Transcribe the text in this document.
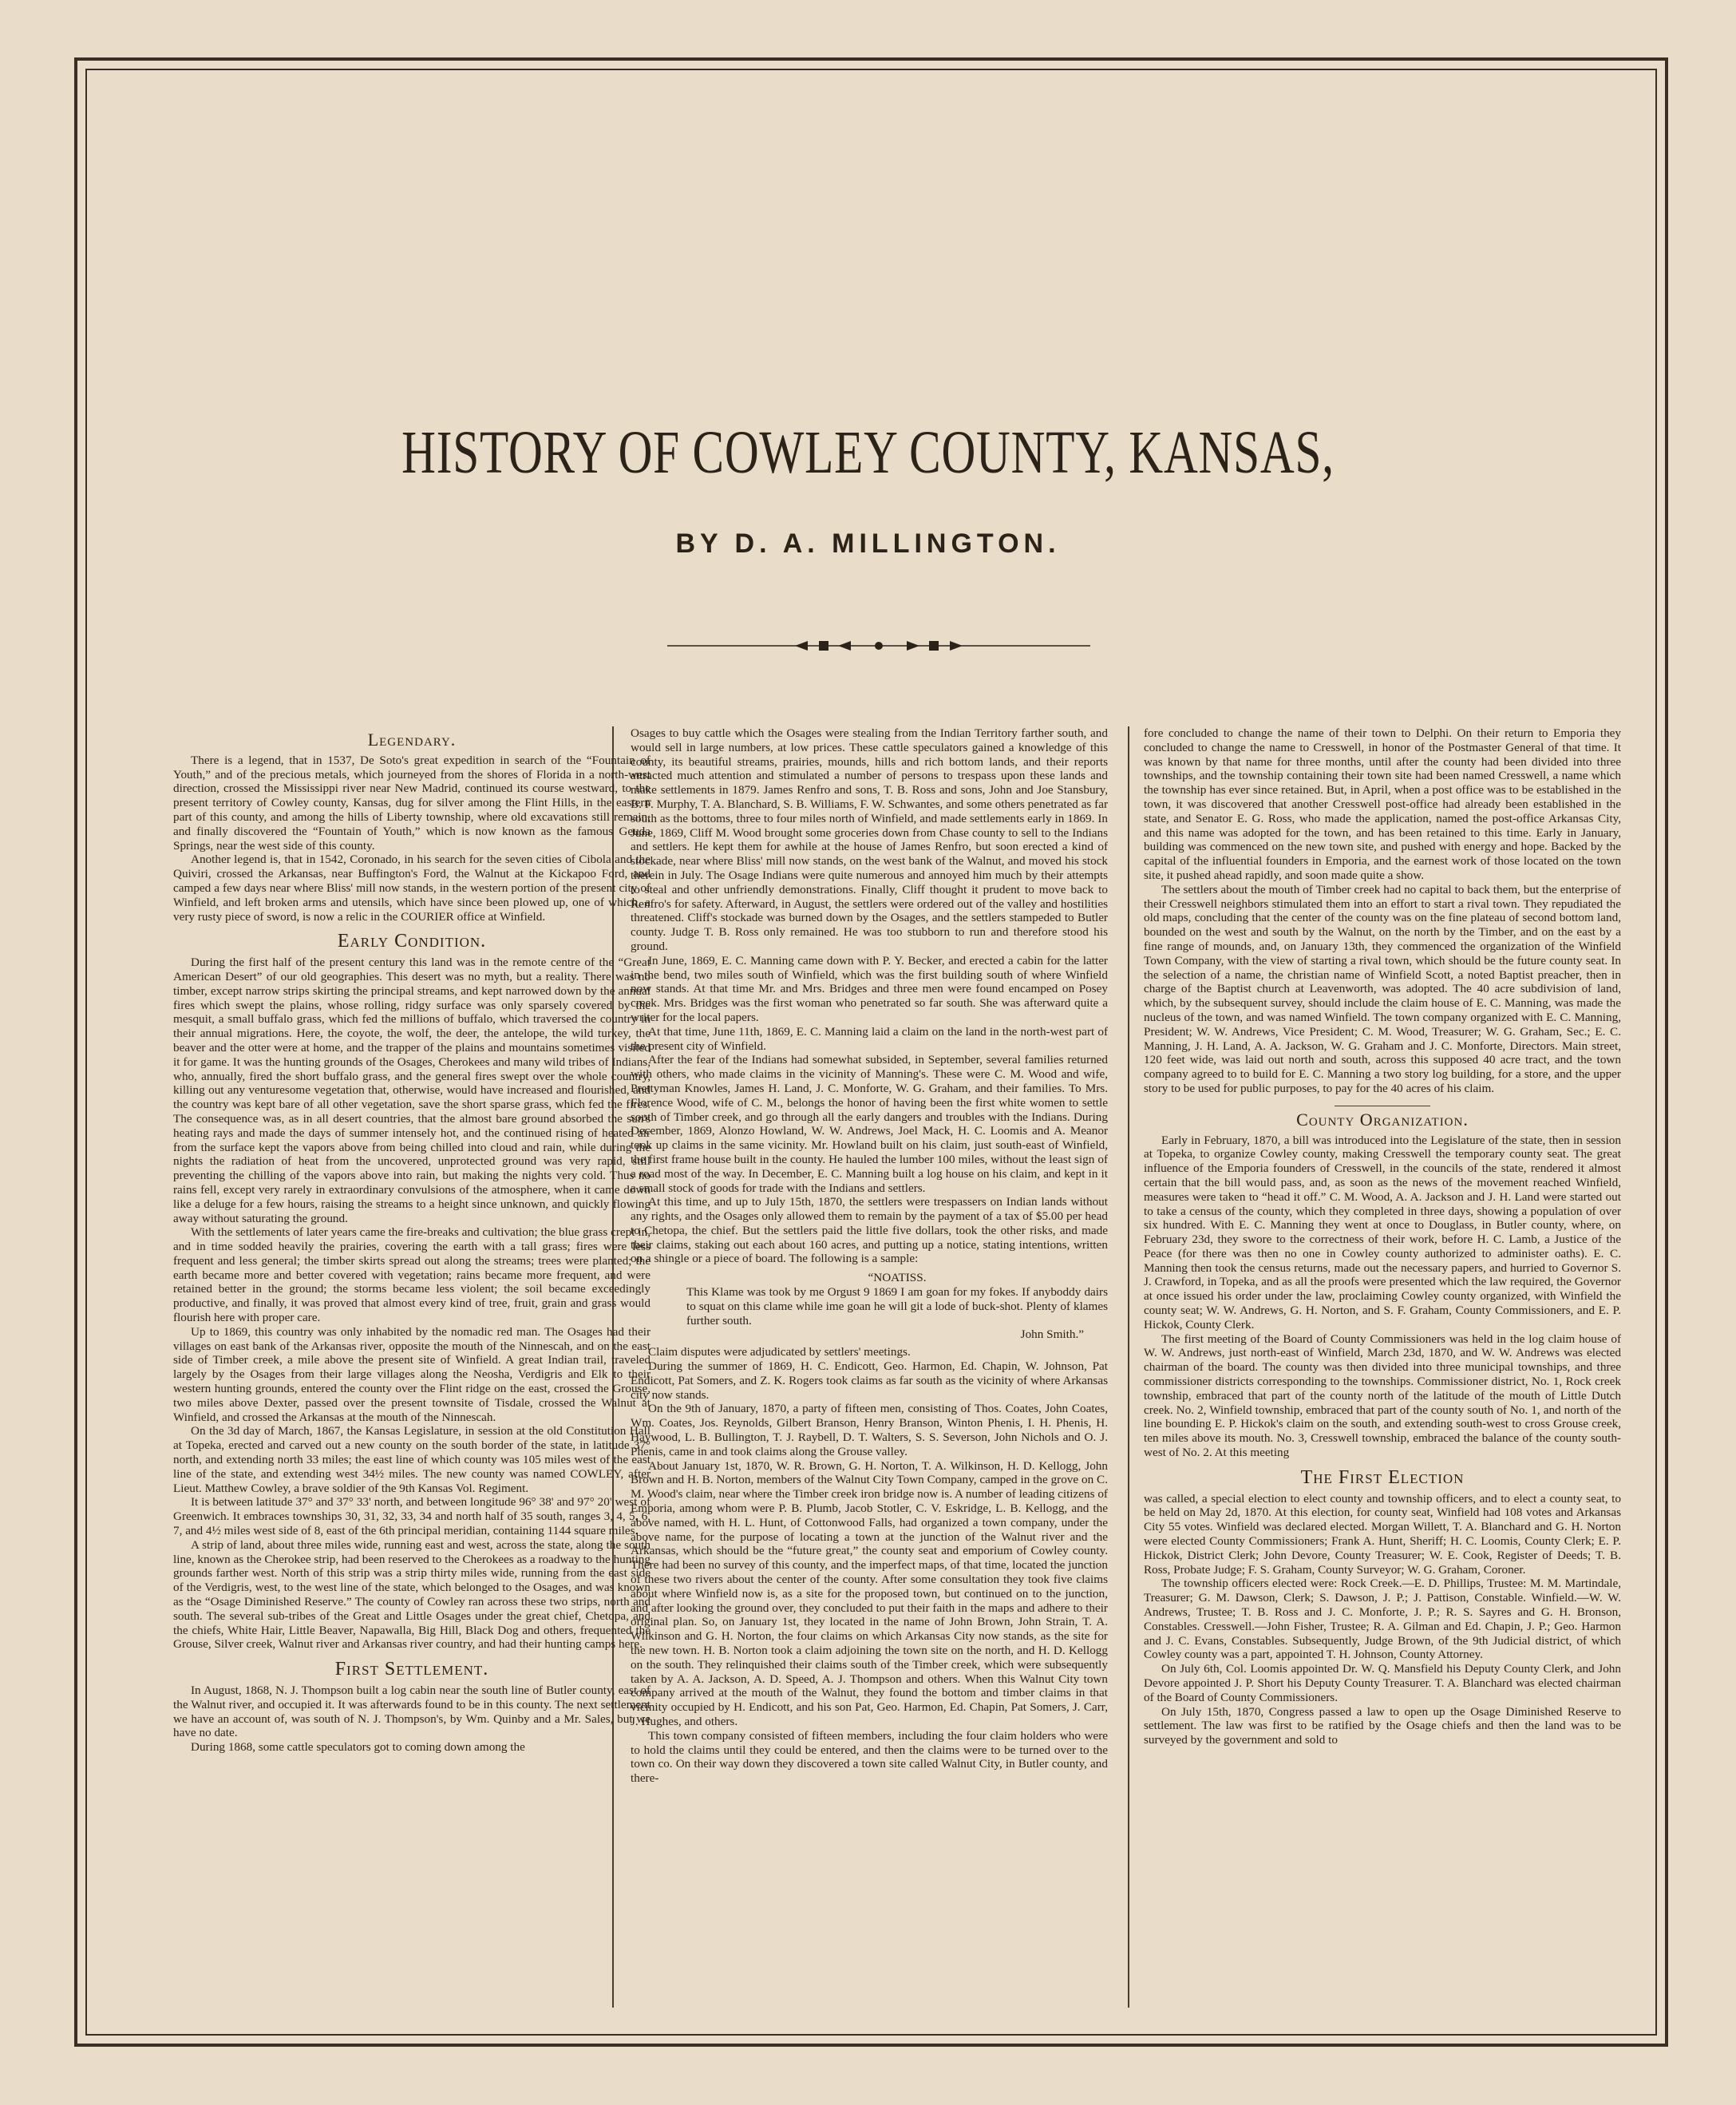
HISTORY OF COWLEY COUNTY, KANSAS,
BY D. A. MILLINGTON.
Legendary.

There is a legend, that in 1537, De Soto's great expedition in search of the “Fountain of Youth,” and of the precious metals, which journeyed from the shores of Florida in a north-west direction, crossed the Mississippi river near New Madrid, continued its course westward, to the present territory of Cowley county, Kansas, dug for silver among the Flint Hills, in the eastern part of this county, and among the hills of Liberty township, where old excavations still remain, and finally discovered the “Fountain of Youth,” which is now known as the famous Geuda Springs, near the west side of this county.

Another legend is, that in 1542, Coronado, in his search for the seven cities of Cibola and the Quiviri, crossed the Arkansas, near Buffington's Ford, the Walnut at the Kickapoo Ford, and camped a few days near where Bliss' mill now stands, in the western portion of the present city of Winfield, and left broken arms and utensils, which have since been plowed up, one of which, a very rusty piece of sword, is now a relic in the COURIER office at Winfield.

Early Condition.

During the first half of the present century this land was in the remote centre of the “Great American Desert” of our old geographies. This desert was no myth, but a reality. There was no timber, except narrow strips skirting the principal streams, and kept narrowed down by the annual fires which swept the plains, whose rolling, ridgy surface was only sparsely covered by the mesquit, a small buffalo grass, which fed the millions of buffalo, which traversed the country in their annual migrations. Here, the coyote, the wolf, the deer, the antelope, the wild turkey, the beaver and the otter were at home, and the trapper of the plains and mountains sometimes visited it for game. It was the hunting grounds of the Osages, Cherokees and many wild tribes of Indians, who, annually, fired the short buffalo grass, and the general fires swept over the whole country, killing out any venturesome vegetation that, otherwise, would have increased and flourished, and the country was kept bare of all other vegetation, save the short sparse grass, which fed the fires. The consequence was, as in all desert countries, that the almost bare ground absorbed the sun's heating rays and made the days of summer intensely hot, and the continued rising of heated air from the surface kept the vapors above from being chilled into cloud and rain, while during the nights the radiation of heat from the uncovered, unprotected ground was very rapid, still preventing the chilling of the vapors above into rain, but making the nights very cold. Thus no rains fell, except very rarely in extraordinary convulsions of the atmosphere, when it came down like a deluge for a few hours, raising the streams to a height since unknown, and quickly flowing away without saturating the ground.

With the settlements of later years came the fire-breaks and cultivation; the blue grass crept in, and in time sodded heavily the prairies, covering the earth with a tall grass; fires were less frequent and less general; the timber skirts spread out along the streams; trees were planted; the earth became more and better covered with vegetation; rains became more frequent, and were retained better in the ground; the storms became less violent; the soil became exceedingly productive, and finally, it was proved that almost every kind of tree, fruit, grain and grass would flourish here with proper care.

Up to 1869, this country was only inhabited by the nomadic red man. The Osages had their villages on east bank of the Arkansas river, opposite the mouth of the Ninnescah, and on the east side of Timber creek, a mile above the present site of Winfield. A great Indian trail, traveled largely by the Osages from their large villages along the Neosha, Verdigris and Elk to their western hunting grounds, entered the county over the Flint ridge on the east, crossed the Grouse, two miles above Dexter, passed over the present townsite of Tisdale, crossed the Walnut at Winfield, and crossed the Arkansas at the mouth of the Ninnescah.

On the 3d day of March, 1867, the Kansas Legislature, in session at the old Constitution Hall at Topeka, erected and carved out a new county on the south border of the state, in latitude 37° north, and extending north 33 miles; the east line of which county was 105 miles west of the east line of the state, and extending west 34½ miles. The new county was named COWLEY, after Lieut. Matthew Cowley, a brave soldier of the 9th Kansas Vol. Regiment.

It is between latitude 37° and 37° 33' north, and between longitude 96° 38' and 97° 20' west of Greenwich. It embraces townships 30, 31, 32, 33, 34 and north half of 35 south, ranges 3, 4, 5, 6, 7, and 4½ miles west side of 8, east of the 6th principal meridian, containing 1144 square miles.

A strip of land, about three miles wide, running east and west, across the state, along the south line, known as the Cherokee strip, had been reserved to the Cherokees as a roadway to the hunting grounds farther west. North of this strip was a strip thirty miles wide, running from the east side of the Verdigris, west, to the west line of the state, which belonged to the Osages, and was known as the “Osage Diminished Reserve.” The county of Cowley ran across these two strips, north and south. The several sub-tribes of the Great and Little Osages under the great chief, Chetopa, and the chiefs, White Hair, Little Beaver, Napawalla, Big Hill, Black Dog and others, frequented the Grouse, Silver creek, Walnut river and Arkansas river country, and had their hunting camps here.

First Settlement.

In August, 1868, N. J. Thompson built a log cabin near the south line of Butler county, east of the Walnut river, and occupied it. It was afterwards found to be in this county. The next settlement we have an account of, was south of N. J. Thompson's, by Wm. Quinby and a Mr. Sales, but we have no date.

During 1868, some cattle speculators got to coming down among the

Osages to buy cattle which the Osages were stealing from the Indian Territory farther south, and would sell in large numbers, at low prices. These cattle speculators gained a knowledge of this county, its beautiful streams, prairies, mounds, hills and rich bottom lands, and their reports attracted much attention and stimulated a number of persons to trespass upon these lands and make settlements in 1879. James Renfro and sons, T. B. Ross and sons, John and Joe Stansbury, B. F. Murphy, T. A. Blanchard, S. B. Williams, F. W. Schwantes, and some others penetrated as far south as the bottoms, three to four miles north of Winfield, and made settlements early in 1869. In June, 1869, Cliff M. Wood brought some groceries down from Chase county to sell to the Indians and settlers. He kept them for awhile at the house of James Renfro, but soon erected a kind of stockade, near where Bliss' mill now stands, on the west bank of the Walnut, and moved his stock therein in July. The Osage Indians were quite numerous and annoyed him much by their attempts to steal and other unfriendly demonstrations. Finally, Cliff thought it prudent to move back to Renfro's for safety. Afterward, in August, the settlers were ordered out of the valley and hostilities threatened. Cliff's stockade was burned down by the Osages, and the settlers stampeded to Butler county. Judge T. B. Ross only remained. He was too stubborn to run and therefore stood his ground.

In June, 1869, E. C. Manning came down with P. Y. Becker, and erected a cabin for the latter in the bend, two miles south of Winfield, which was the first building south of where Winfield now stands. At that time Mr. and Mrs. Bridges and three men were found encamped on Posey creek. Mrs. Bridges was the first woman who penetrated so far south. She was afterward quite a writer for the local papers.

At that time, June 11th, 1869, E. C. Manning laid a claim on the land in the north-west part of the present city of Winfield.

After the fear of the Indians had somewhat subsided, in September, several families returned with others, who made claims in the vicinity of Manning's. These were C. M. Wood and wife, Prettyman Knowles, James H. Land, J. C. Monforte, W. G. Graham, and their families. To Mrs. Florence Wood, wife of C. M., belongs the honor of having been the first white women to settle south of Timber creek, and go through all the early dangers and troubles with the Indians. During December, 1869, Alonzo Howland, W. W. Andrews, Joel Mack, H. C. Loomis and A. Meanor took up claims in the same vicinity. Mr. Howland built on his claim, just south-east of Winfield, the first frame house built in the county. He hauled the lumber 100 miles, without the least sign of a road most of the way. In December, E. C. Manning built a log house on his claim, and kept in it a small stock of goods for trade with the Indians and settlers.

At this time, and up to July 15th, 1870, the settlers were trespassers on Indian lands without any rights, and the Osages only allowed them to remain by the payment of a tax of $5.00 per head to Chetopa, the chief. But the settlers paid the little five dollars, took the other risks, and made their claims, staking out each about 160 acres, and putting up a notice, stating intentions, written on a shingle or a piece of board. The following is a sample:

“NOATISS.
This Klame was took by me Orgust 9 1869 I am goan for my fokes. If anyboddy dairs to squat on this clame while ime goan he will git a lode of buck-shot. Plenty of klames further south.
John Smith.”

Claim disputes were adjudicated by settlers' meetings.

During the summer of 1869, H. C. Endicott, Geo. Harmon, Ed. Chapin, W. Johnson, Pat Endicott, Pat Somers, and Z. K. Rogers took claims as far south as the vicinity of where Arkansas city now stands.

On the 9th of January, 1870, a party of fifteen men, consisting of Thos. Coates, John Coates, Wm. Coates, Jos. Reynolds, Gilbert Branson, Henry Branson, Winton Phenis, I. H. Phenis, H. Haywood, L. B. Bullington, T. J. Raybell, D. T. Walters, S. S. Severson, John Nichols and O. J. Phenis, came in and took claims along the Grouse valley.

About January 1st, 1870, W. R. Brown, G. H. Norton, T. A. Wilkinson, H. D. Kellogg, John Brown and H. B. Norton, members of the Walnut City Town Company, camped in the grove on C. M. Wood's claim, near where the Timber creek iron bridge now is. A number of leading citizens of Emporia, among whom were P. B. Plumb, Jacob Stotler, C. V. Eskridge, L. B. Kellogg, and the above named, with H. L. Hunt, of Cottonwood Falls, had organized a town company, under the above name, for the purpose of locating a town at the junction of the Walnut river and the Arkansas, which should be the “future great,” the county seat and emporium of Cowley county. There had been no survey of this county, and the imperfect maps, of that time, located the junction of these two rivers about the center of the county. After some consultation they took five claims about where Winfield now is, as a site for the proposed town, but continued on to the junction, and after looking the ground over, they concluded to put their faith in the maps and adhere to their original plan. So, on January 1st, they located in the name of John Brown, John Strain, T. A. Wilkinson and G. H. Norton, the four claims on which Arkansas City now stands, as the site for the new town. H. B. Norton took a claim adjoining the town site on the north, and H. D. Kellogg on the south. They relinquished their claims south of the Timber creek, which were subsequently taken by A. A. Jackson, A. D. Speed, A. J. Thompson and others. When this Walnut City town company arrived at the mouth of the Walnut, they found the bottom and timber claims in that vicinity occupied by H. Endicott, and his son Pat, Geo. Harmon, Ed. Chapin, Pat Somers, J. Carr, J. Hughes, and others.

This town company consisted of fifteen members, including the four claim holders who were to hold the claims until they could be entered, and then the claims were to be turned over to the town co. On their way down they discovered a town site called Walnut City, in Butler county, and there-

fore concluded to change the name of their town to Delphi. On their return to Emporia they concluded to change the name to Cresswell, in honor of the Postmaster General of that time. It was known by that name for three months, until after the county had been divided into three townships, and the township containing their town site had been named Cresswell, a name which the township has ever since retained. But, in April, when a post office was to be established in the town, it was discovered that another Cresswell post-office had already been established in the state, and Senator E. G. Ross, who made the application, named the post-office Arkansas City, and this name was adopted for the town, and has been retained to this time. Early in January, building was commenced on the new town site, and pushed with energy and hope. Backed by the capital of the influential founders in Emporia, and the earnest work of those located on the town site, it pushed ahead rapidly, and soon made quite a show.

The settlers about the mouth of Timber creek had no capital to back them, but the enterprise of their Cresswell neighbors stimulated them into an effort to start a rival town. They repudiated the old maps, concluding that the center of the county was on the fine plateau of second bottom land, bounded on the west and south by the Walnut, on the north by the Timber, and on the east by a fine range of mounds, and, on January 13th, they commenced the organization of the Winfield Town Company, with the view of starting a rival town, which should be the future county seat. In the selection of a name, the christian name of Winfield Scott, a noted Baptist preacher, then in charge of the Baptist church at Leavenworth, was adopted. The 40 acre subdivision of land, which, by the subsequent survey, should include the claim house of E. C. Manning, was made the nucleus of the town, and was named Winfield. The town company organized with E. C. Manning, President; W. W. Andrews, Vice President; C. M. Wood, Treasurer; W. G. Graham, Sec.; E. C. Manning, J. H. Land, A. A. Jackson, W. G. Graham and J. C. Monforte, Directors. Main street, 120 feet wide, was laid out north and south, across this supposed 40 acre tract, and the town company agreed to to build for E. C. Manning a two story log building, for a store, and the upper story to be used for public purposes, to pay for the 40 acres of his claim.

County Organization.

Early in February, 1870, a bill was introduced into the Legislature of the state, then in session at Topeka, to organize Cowley county, making Cresswell the temporary county seat. The great influence of the Emporia founders of Cresswell, in the councils of the state, rendered it almost certain that the bill would pass, and, as soon as the news of the movement reached Winfield, measures were taken to “head it off.” C. M. Wood, A. A. Jackson and J. H. Land were started out to take a census of the county, which they completed in three days, showing a population of over six hundred. With E. C. Manning they went at once to Douglass, in Butler county, where, on February 23d, they swore to the correctness of their work, before H. C. Lamb, a Justice of the Peace (for there was then no one in Cowley county authorized to administer oaths). E. C. Manning then took the census returns, made out the necessary papers, and hurried to Governor S. J. Crawford, in Topeka, and as all the proofs were presented which the law required, the Governor at once issued his order under the law, proclaiming Cowley county organized, with Winfield the county seat; W. W. Andrews, G. H. Norton, and S. F. Graham, County Commissioners, and E. P. Hickok, County Clerk.

The first meeting of the Board of County Commissioners was held in the log claim house of W. W. Andrews, just north-east of Winfield, March 23d, 1870, and W. W. Andrews was elected chairman of the board. The county was then divided into three municipal townships, and three commissioner districts corresponding to the townships. Commissioner district, No. 1, Rock creek township, embraced that part of the county north of the latitude of the mouth of Little Dutch creek. No. 2, Winfield township, embraced that part of the county south of No. 1, and north of the line bounding E. P. Hickok's claim on the south, and extending south-west to cross Grouse creek, ten miles above its mouth. No. 3, Cresswell township, embraced the balance of the county south-west of No. 2. At this meeting

The First Election

was called, a special election to elect county and township officers, and to elect a county seat, to be held on May 2d, 1870. At this election, for county seat, Winfield had 108 votes and Arkansas City 55 votes. Winfield was declared elected. Morgan Willett, T. A. Blanchard and G. H. Norton were elected County Commissioners; Frank A. Hunt, Sheriff; H. C. Loomis, County Clerk; E. P. Hickok, District Clerk; John Devore, County Treasurer; W. E. Cook, Register of Deeds; T. B. Ross, Probate Judge; F. S. Graham, County Surveyor; W. G. Graham, Coroner.

The township officers elected were: Rock Creek.—E. D. Phillips, Trustee: M. M. Martindale, Treasurer; G. M. Dawson, Clerk; S. Dawson, J. P.; J. Pattison, Constable. Winfield.—W. W. Andrews, Trustee; T. B. Ross and J. C. Monforte, J. P.; R. S. Sayres and G. H. Bronson, Constables. Cresswell.—John Fisher, Trustee; R. A. Gilman and Ed. Chapin, J. P.; Geo. Harmon and J. C. Evans, Constables. Subsequently, Judge Brown, of the 9th Judicial district, of which Cowley county was a part, appointed T. H. Johnson, County Attorney.

On July 6th, Col. Loomis appointed Dr. W. Q. Mansfield his Deputy County Clerk, and John Devore appointed J. P. Short his Deputy County Treasurer. T. A. Blanchard was elected chairman of the Board of County Commissioners.

On July 15th, 1870, Congress passed a law to open up the Osage Diminished Reserve to settlement. The law was first to be ratified by the Osage chiefs and then the land was to be surveyed by the government and sold to
